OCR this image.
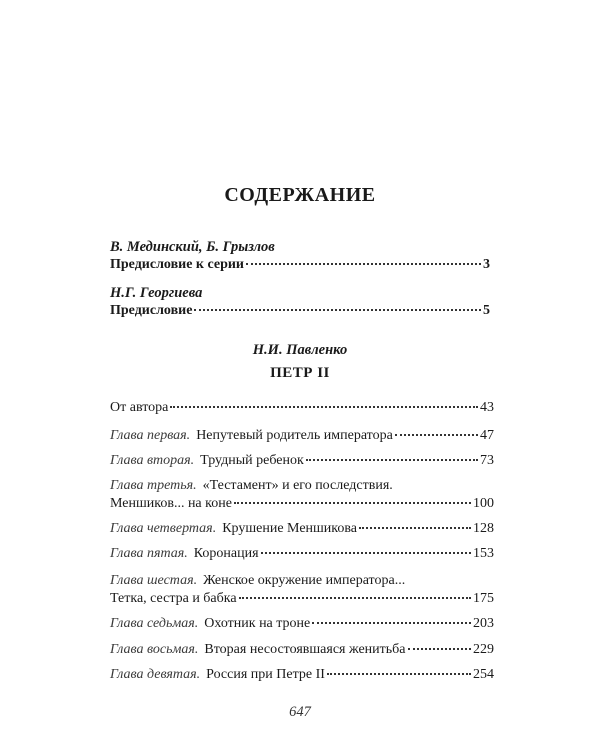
СОДЕРЖАНИЕ
В. Мединский, Б. Грызлов
Предисловие к серии	3
Н.Г. Георгиева
Предисловие	5
Н.И. Павленко
ПЕТР II
От автора	43
Глава первая. Непутевый родитель императора	47
Глава вторая. Трудный ребенок	73
Глава третья. «Тестамент» и его последствия.
Меншиков... на коне	100
Глава четвертая. Крушение Меншикова	128
Глава пятая. Коронация	153
Глава шестая. Женское окружение императора...
Тетка, сестра и бабка	175
Глава седьмая. Охотник на троне	203
Глава восьмая. Вторая несостоявшаяся женитьба	229
Глава девятая. Россия при Петре II	254
647
